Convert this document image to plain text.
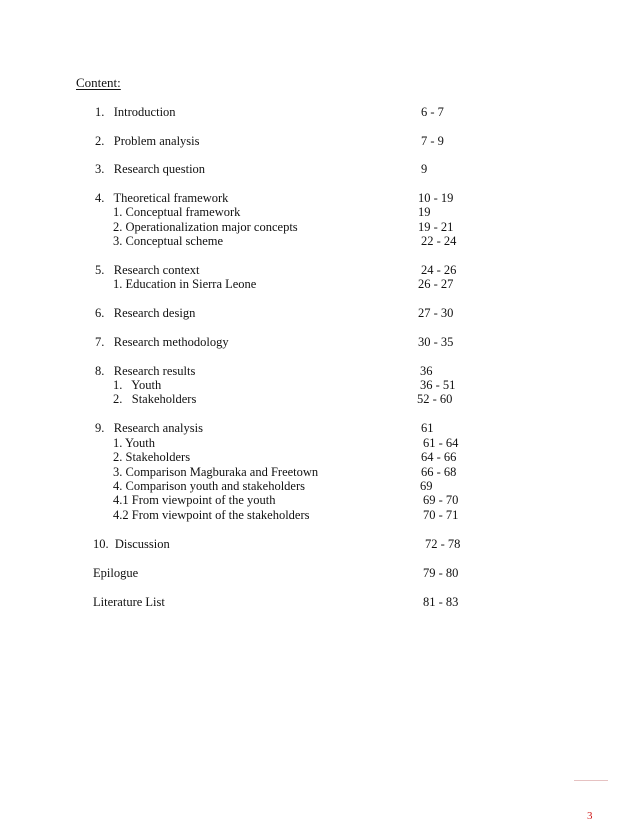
Content:
1.   Introduction	6 - 7
2.   Problem analysis	7 - 9
3.   Research question	9
4.   Theoretical framework	10 - 19
1. Conceptual framework	19
2. Operationalization major concepts	19 - 21
3. Conceptual scheme	22 - 24
5.   Research context	24 - 26
1. Education in Sierra Leone	26 - 27
6.   Research design	27 - 30
7.   Research methodology	30 - 35
8.   Research results	36
1.   Youth	36 - 51
2.   Stakeholders	52 - 60
9.   Research analysis	61
1. Youth	61 - 64
2. Stakeholders	64 - 66
3. Comparison Magburaka and Freetown	66 - 68
4. Comparison youth and stakeholders	69
4.1 From viewpoint of the youth	69 - 70
4.2 From viewpoint of the stakeholders	70 - 71
10.  Discussion	72 - 78
Epilogue	79 - 80
Literature List	81 - 83
3
